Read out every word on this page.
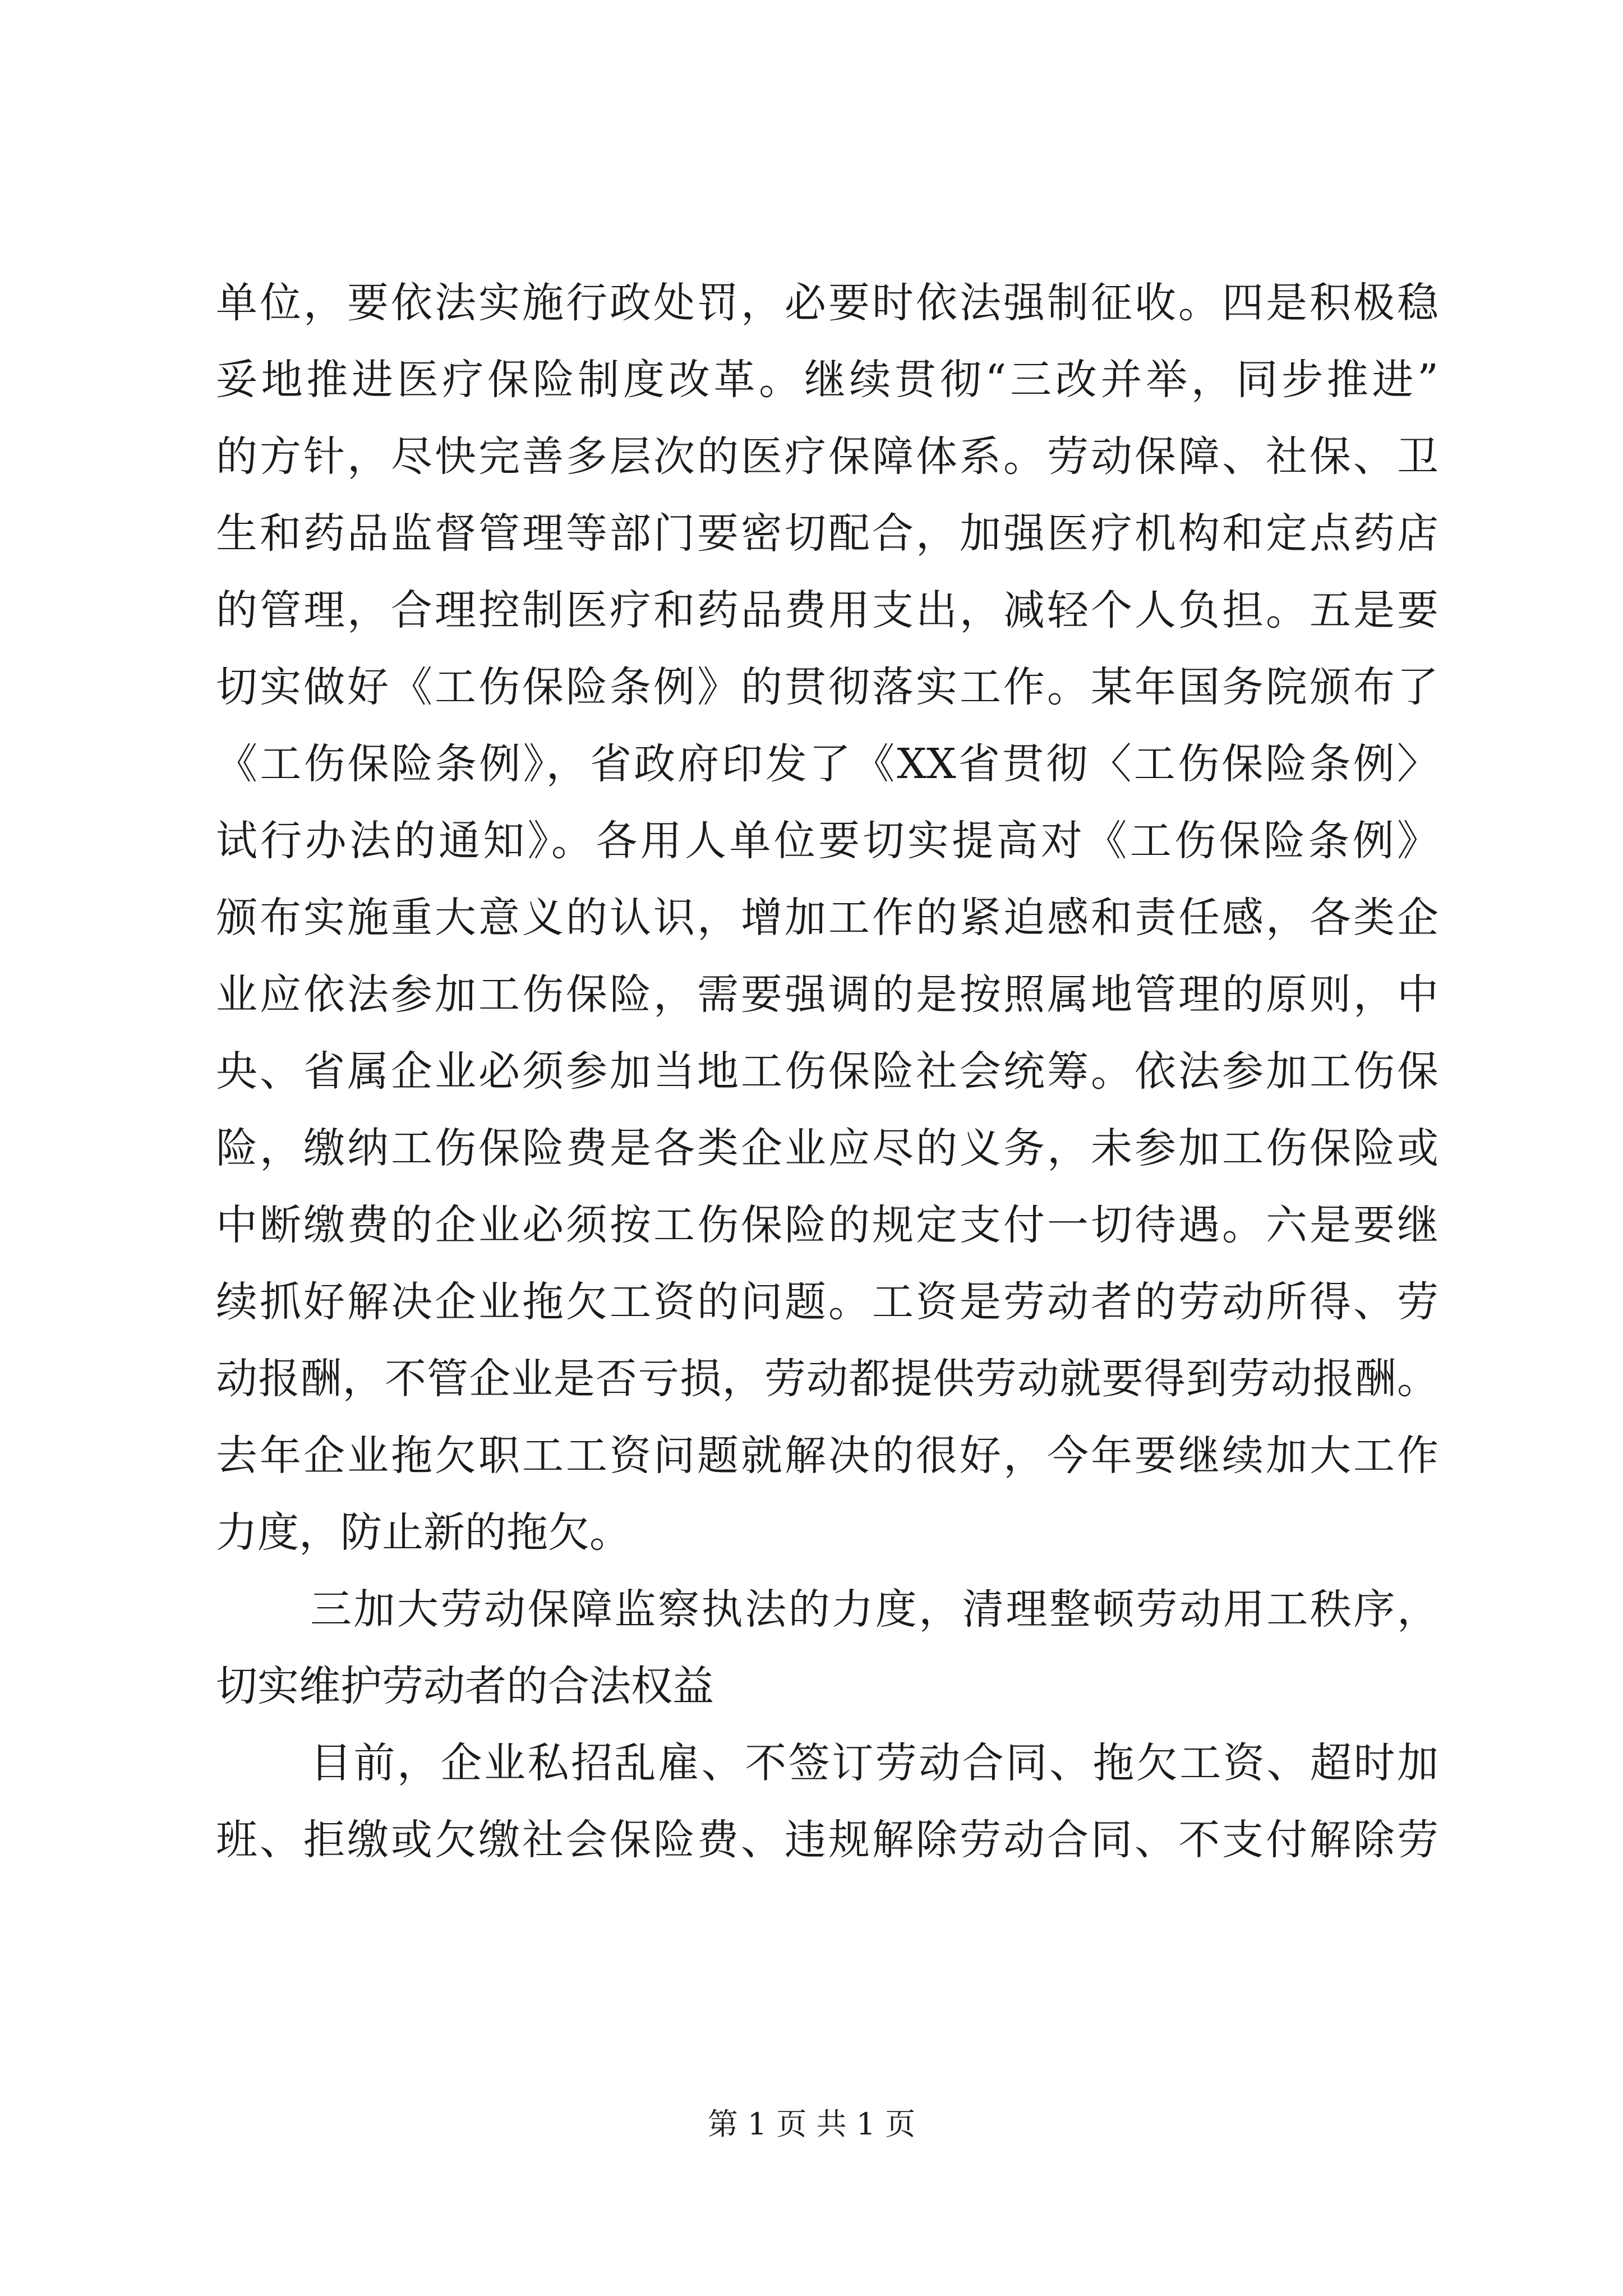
单位，要依法实施行政处罚，必要时依法强制征收。四是积极稳
妥地推进医疗保险制度改革。继续贯彻“三改并举，同步推进”
的方针，尽快完善多层次的医疗保障体系。劳动保障、社保、卫
生和药品监督管理等部门要密切配合，加强医疗机构和定点药店
的管理，合理控制医疗和药品费用支出，减轻个人负担。五是要
切实做好《工伤保险条例》的贯彻落实工作。某年国务院颁布了
《工伤保险条例》，省政府印发了《XX省贯彻〈工伤保险条例〉
试行办法的通知》。各用人单位要切实提高对《工伤保险条例》
颁布实施重大意义的认识，增加工作的紧迫感和责任感，各类企
业应依法参加工伤保险，需要强调的是按照属地管理的原则，中
央、省属企业必须参加当地工伤保险社会统筹。依法参加工伤保
险，缴纳工伤保险费是各类企业应尽的义务，未参加工伤保险或
中断缴费的企业必须按工伤保险的规定支付一切待遇。六是要继
续抓好解决企业拖欠工资的问题。工资是劳动者的劳动所得、劳
动报酬，不管企业是否亏损，劳动都提供劳动就要得到劳动报酬。
去年企业拖欠职工工资问题就解决的很好，今年要继续加大工作
力度，防止新的拖欠。
三加大劳动保障监察执法的力度，清理整顿劳动用工秩序，
切实维护劳动者的合法权益
目前，企业私招乱雇、不签订劳动合同、拖欠工资、超时加
班、拒缴或欠缴社会保险费、违规解除劳动合同、不支付解除劳
第 1 页 共 1 页
